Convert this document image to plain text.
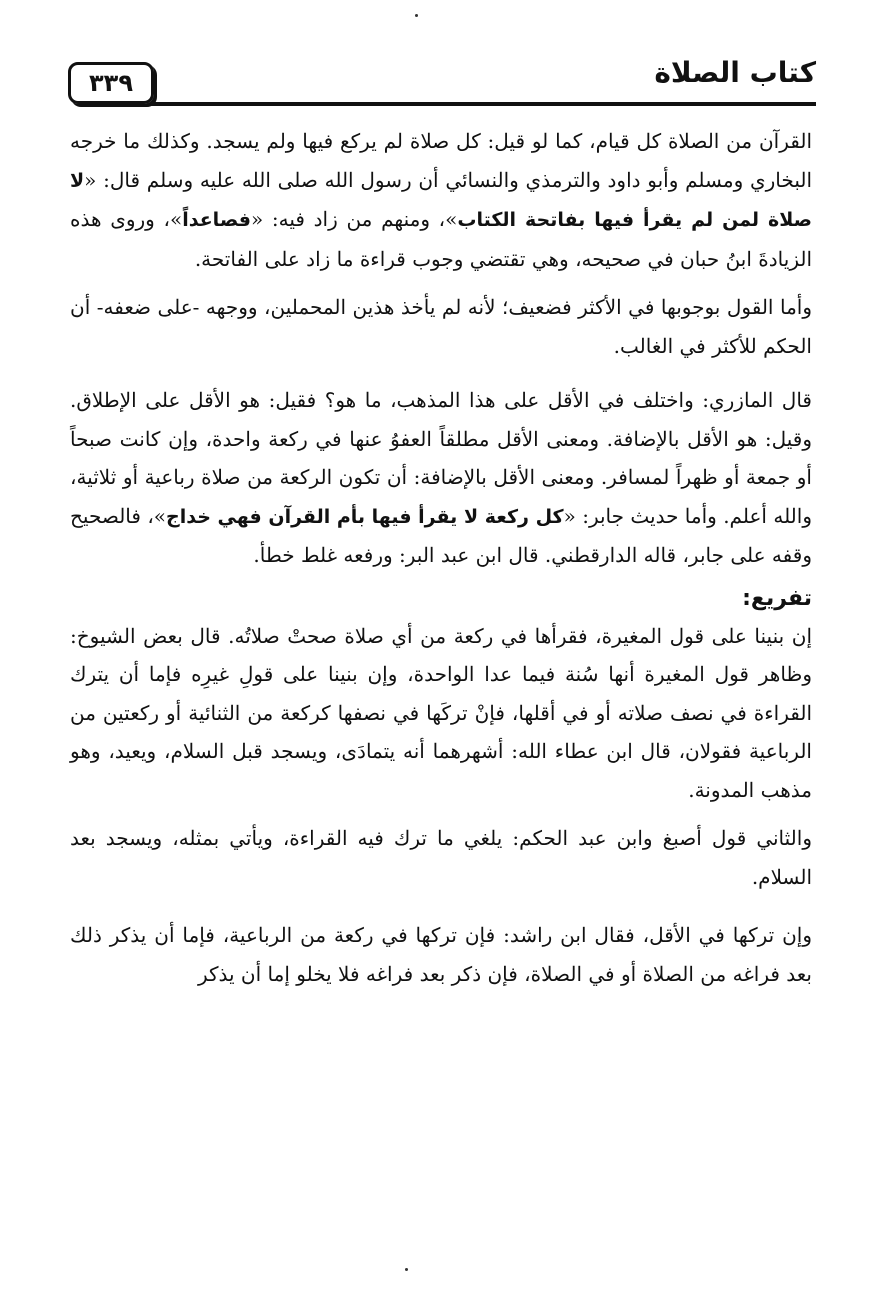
٣٣٩	كتاب الصلاة

القرآن من الصلاة كل قيام، كما لو قيل: كل صلاة لم يركع فيها ولم يسجد. وكذلك ما خرجه البخاري ومسلم وأبو داود والترمذي والنسائي أن رسول الله صلى الله عليه وسلم قال: «لا صلاة لمن لم يقرأ فيها بفاتحة الكتاب»، ومنهم من زاد فيه: «فصاعداً»، وروى هذه الزيادةَ ابنُ حبان في صحيحه، وهي تقتضي وجوب قراءة ما زاد على الفاتحة.

وأما القول بوجوبها في الأكثر فضعيف؛ لأنه لم يأخذ هذين المحملين، ووجهه -على ضعفه- أن الحكم للأكثر في الغالب.

قال المازري: واختلف في الأقل على هذا المذهب، ما هو؟ فقيل: هو الأقل على الإطلاق. وقيل: هو الأقل بالإضافة. ومعنى الأقل مطلقاً العفوُ عنها في ركعة واحدة، وإن كانت صبحاً أو جمعة أو ظهراً لمسافر. ومعنى الأقل بالإضافة: أن تكون الركعة من صلاة رباعية أو ثلاثية، والله أعلم. وأما حديث جابر: «كل ركعة لا يقرأ فيها بأم القرآن فهي خداج»، فالصحيح وقفه على جابر، قاله الدارقطني. قال ابن عبد البر: ورفعه غلط خطأ.

تفريع:

إن بنينا على قول المغيرة، فقرأها في ركعة من أي صلاة صحتْ صلاتُه. قال بعض الشيوخ: وظاهر قول المغيرة أنها سُنة فيما عدا الواحدة، وإن بنينا على قولِ غيرِه فإما أن يترك القراءة في نصف صلاته أو في أقلها، فإنْ تركَها في نصفها كركعة من الثنائية أو ركعتين من الرباعية فقولان، قال ابن عطاء الله: أشهرهما أنه يتمادَى، ويسجد قبل السلام، ويعيد، وهو مذهب المدونة.

والثاني قول أصبغ وابن عبد الحكم: يلغي ما ترك فيه القراءة، ويأتي بمثله، ويسجد بعد السلام.

وإن تركها في الأقل، فقال ابن راشد: فإن تركها في ركعة من الرباعية، فإما أن يذكر ذلك بعد فراغه من الصلاة أو في الصلاة، فإن ذكر بعد فراغه فلا يخلو إما أن يذكر
